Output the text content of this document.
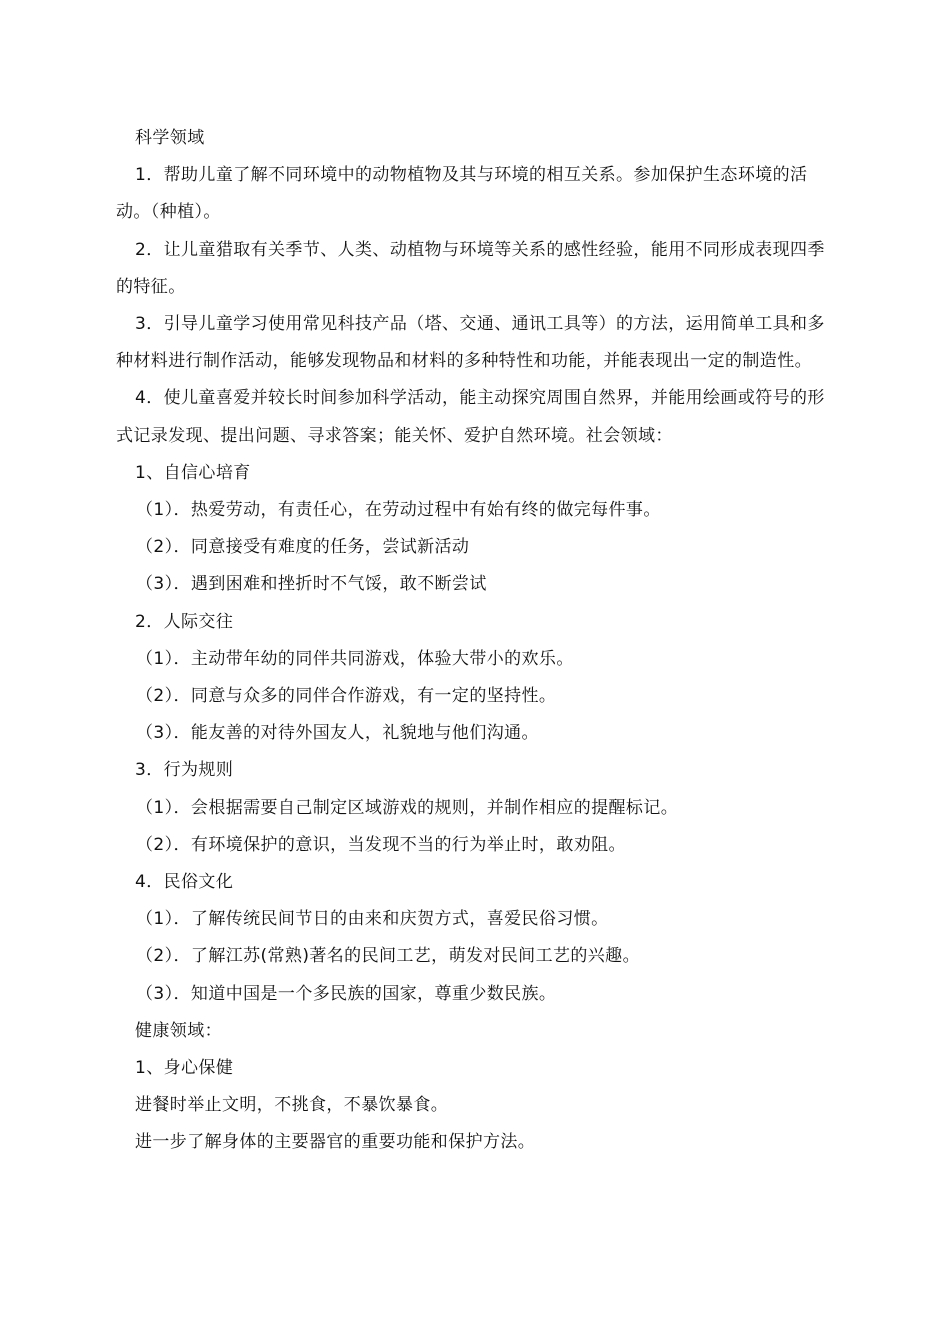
科学领域

1．帮助儿童了解不同环境中的动物植物及其与环境的相互关系。参加保护生态环境的活动。（种植）。

2．让儿童猎取有关季节、人类、动植物与环境等关系的感性经验，能用不同形成表现四季的特征。

3．引导儿童学习使用常见科技产品（塔、交通、通讯工具等）的方法，运用简单工具和多种材料进行制作活动，能够发现物品和材料的多种特性和功能，并能表现出一定的制造性。

4．使儿童喜爱并较长时间参加科学活动，能主动探究周围自然界，并能用绘画或符号的形式记录发现、提出问题、寻求答案；能关怀、爱护自然环境。社会领域：

1、自信心培育

（1）．热爱劳动，有责任心，在劳动过程中有始有终的做完每件事。

（2）．同意接受有难度的任务，尝试新活动

（3）．遇到困难和挫折时不气馁，敢不断尝试

2．人际交往

（1）．主动带年幼的同伴共同游戏，体验大带小的欢乐。

（2）．同意与众多的同伴合作游戏，有一定的坚持性。

（3）．能友善的对待外国友人，礼貌地与他们沟通。

3．行为规则

（1）．会根据需要自己制定区域游戏的规则，并制作相应的提醒标记。

（2）．有环境保护的意识，当发现不当的行为举止时，敢劝阻。

4．民俗文化

（1）．了解传统民间节日的由来和庆贺方式，喜爱民俗习惯。

（2）．了解江苏(常熟)著名的民间工艺，萌发对民间工艺的兴趣。

（3）．知道中国是一个多民族的国家，尊重少数民族。

健康领域：

1、身心保健

进餐时举止文明，不挑食，不暴饮暴食。

进一步了解身体的主要器官的重要功能和保护方法。
